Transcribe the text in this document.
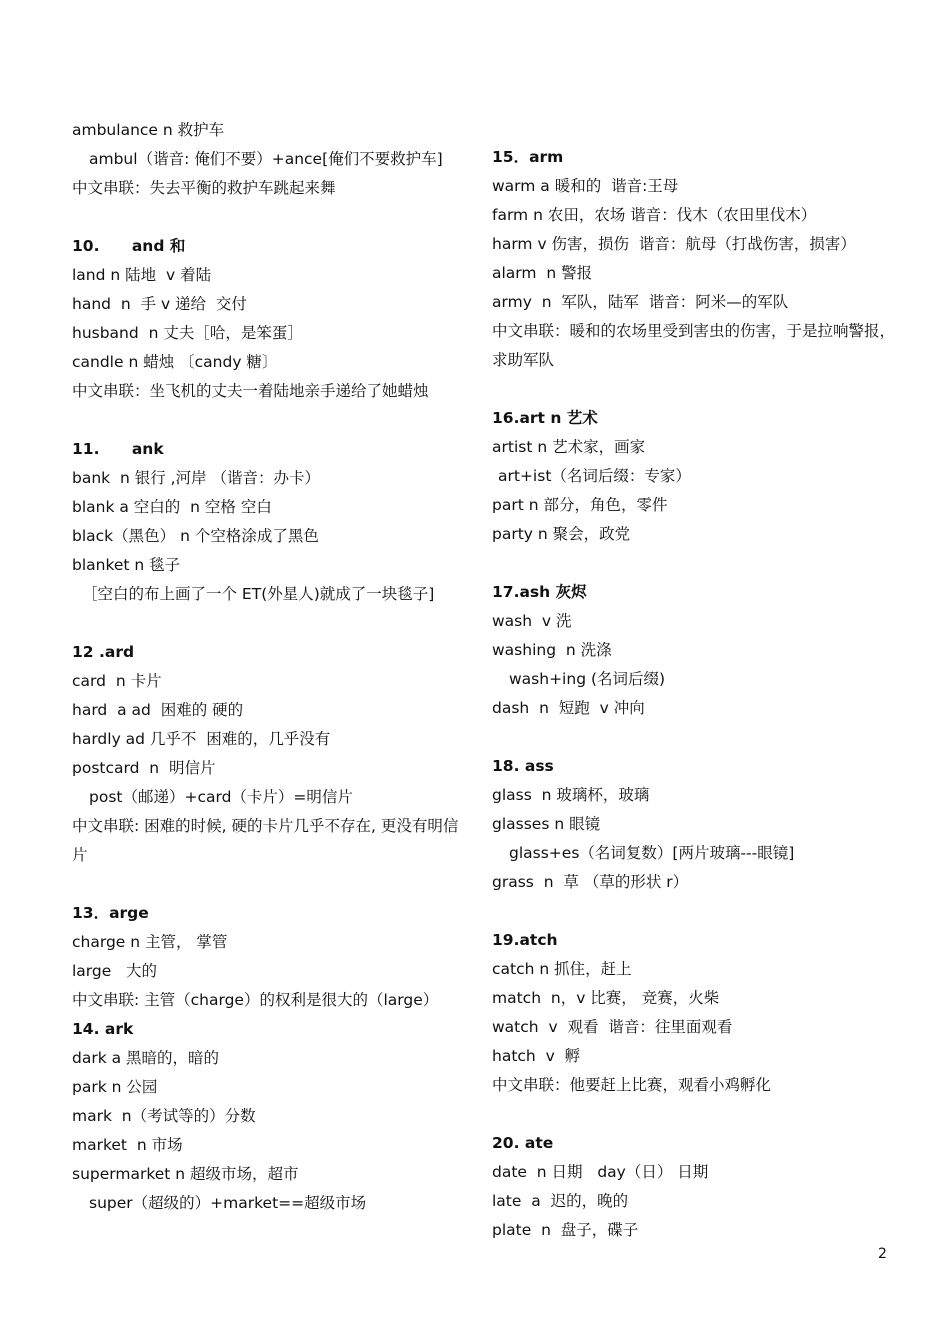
ambulance n 救护车
ambul（谐音: 俺们不要）+ance[俺们不要救护车]
中文串联：失去平衡的救护车跳起来舞
10.      and 和
land n 陆地  v 着陆
hand  n  手 v 递给  交付
husband  n 丈夫［哈，是笨蛋］
candle n 蜡烛 〔candy 糖〕
中文串联：坐飞机的丈夫一着陆地亲手递给了她蜡烛
11.      ank
bank  n 银行 ,河岸 （谐音：办卡）
blank a 空白的  n 空格 空白
black（黑色） n 个空格涂成了黑色
blanket n 毯子
［空白的布上画了一个 ET(外星人)就成了一块毯子]
12 .ard
card  n 卡片
hard  a ad  困难的 硬的
hardly ad 几乎不  困难的，几乎没有
postcard  n  明信片
post（邮递）+card（卡片）=明信片
中文串联: 困难的时候, 硬的卡片几乎不存在, 更没有明信片
13．arge
charge n 主管， 掌管
large   大的
中文串联: 主管（charge）的权利是很大的（large）
14. ark
dark a 黑暗的，暗的
park n 公园
mark  n（考试等的）分数
market  n 市场
supermarket n 超级市场，超市
super（超级的）+market==超级市场
15．arm
warm a 暖和的  谐音:王母
farm n 农田，农场 谐音：伐木（农田里伐木）
harm v 伤害，损伤  谐音：航母（打战伤害，损害）
alarm  n 警报
army  n  军队，陆军  谐音：阿米—的军队
中文串联：暖和的农场里受到害虫的伤害，于是拉响警报，求助军队
16.art n 艺术
artist n 艺术家，画家
art+ist（名词后缀：专家）
part n 部分，角色，零件
party n 聚会，政党
17.ash 灰烬
wash  v 洗
washing  n 洗涤
wash+ing (名词后缀)
dash  n  短跑  v 冲向
18. ass
glass  n 玻璃杯，玻璃
glasses n 眼镜
glass+es（名词复数）[两片玻璃---眼镜]
grass  n  草 （草的形状 r）
19.atch
catch n 抓住，赶上
match  n，v 比赛， 竞赛，火柴
watch  v  观看  谐音：往里面观看
hatch  v  孵
中文串联：他要赶上比赛，观看小鸡孵化
20. ate
date  n 日期   day（日） 日期
late  a  迟的，晚的
plate  n  盘子，碟子
2
